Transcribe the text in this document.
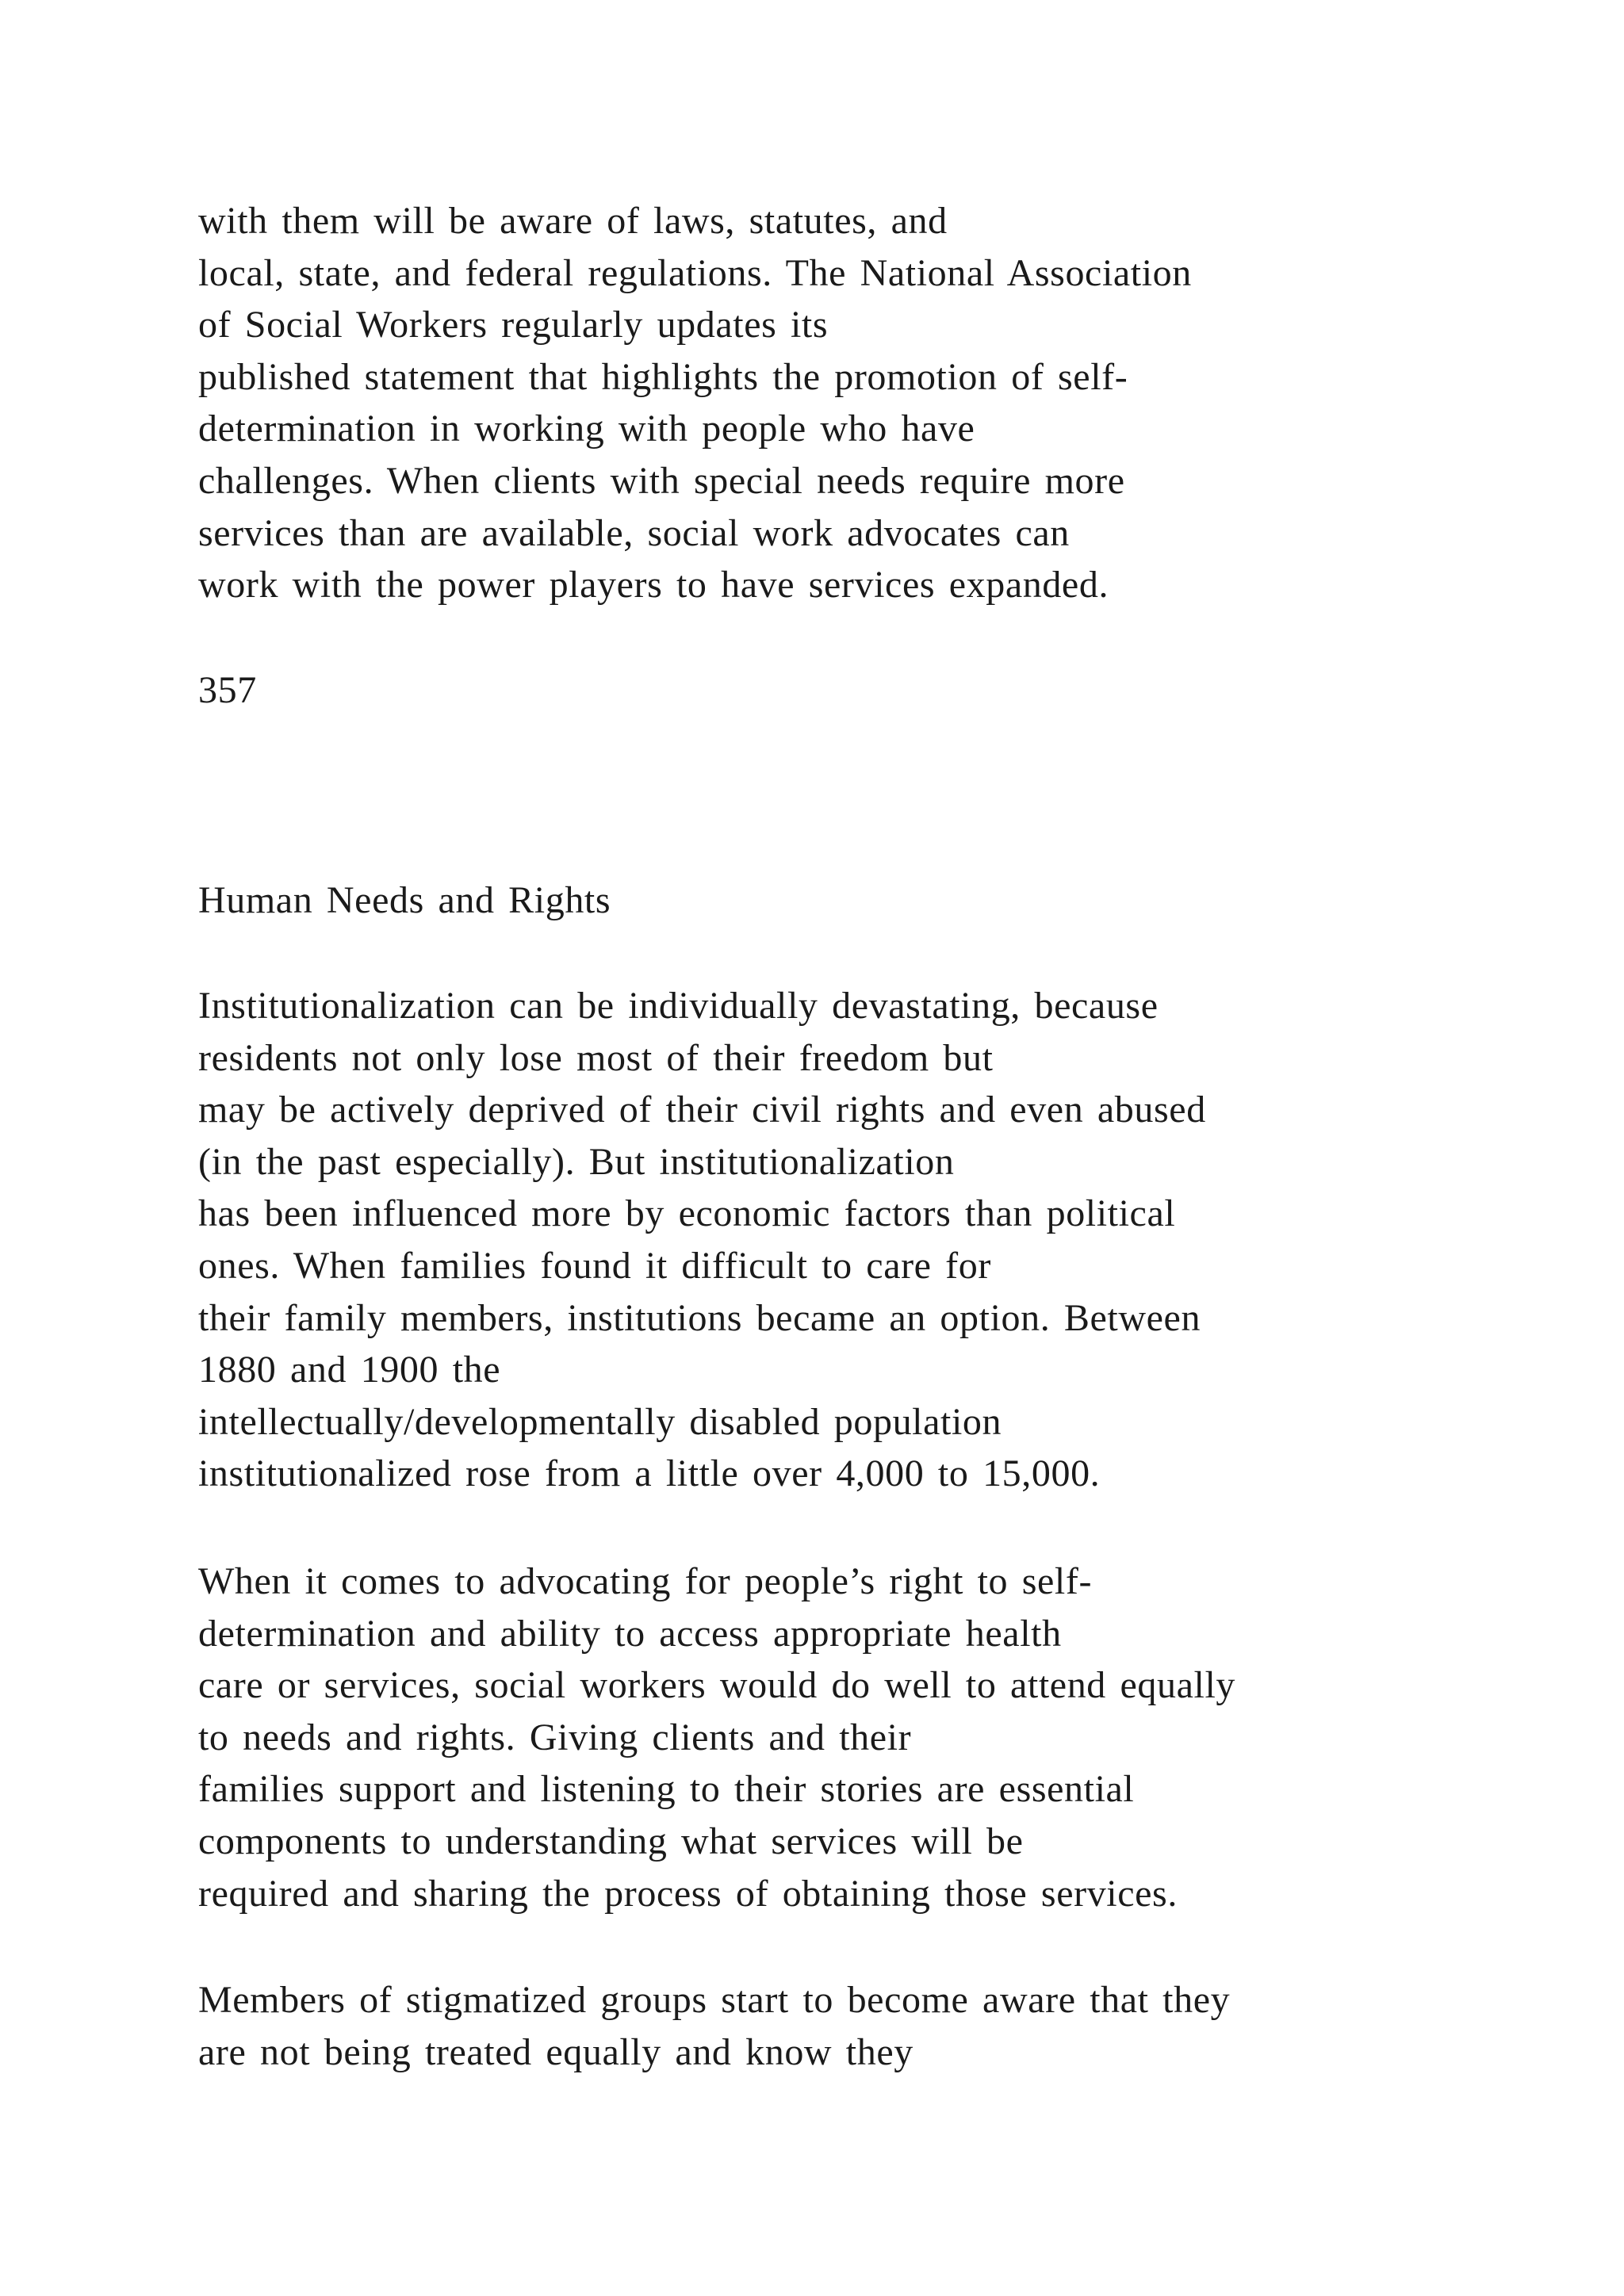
with them will be aware of laws, statutes, and
local, state, and federal regulations. The National Association
of Social Workers regularly updates its
published statement that highlights the promotion of self-
determination in working with people who have
challenges. When clients with special needs require more
services than are available, social work advocates can
work with the power players to have services expanded.
357
Human Needs and Rights
Institutionalization can be individually devastating, because
residents not only lose most of their freedom but
may be actively deprived of their civil rights and even abused
(in the past especially). But institutionalization
has been influenced more by economic factors than political
ones. When families found it difficult to care for
their family members, institutions became an option. Between
1880 and 1900 the
intellectually/developmentally disabled population
institutionalized rose from a little over 4,000 to 15,000.
When it comes to advocating for people’s right to self-
determination and ability to access appropriate health
care or services, social workers would do well to attend equally
to needs and rights. Giving clients and their
families support and listening to their stories are essential
components to understanding what services will be
required and sharing the process of obtaining those services.
Members of stigmatized groups start to become aware that they
are not being treated equally and know they
